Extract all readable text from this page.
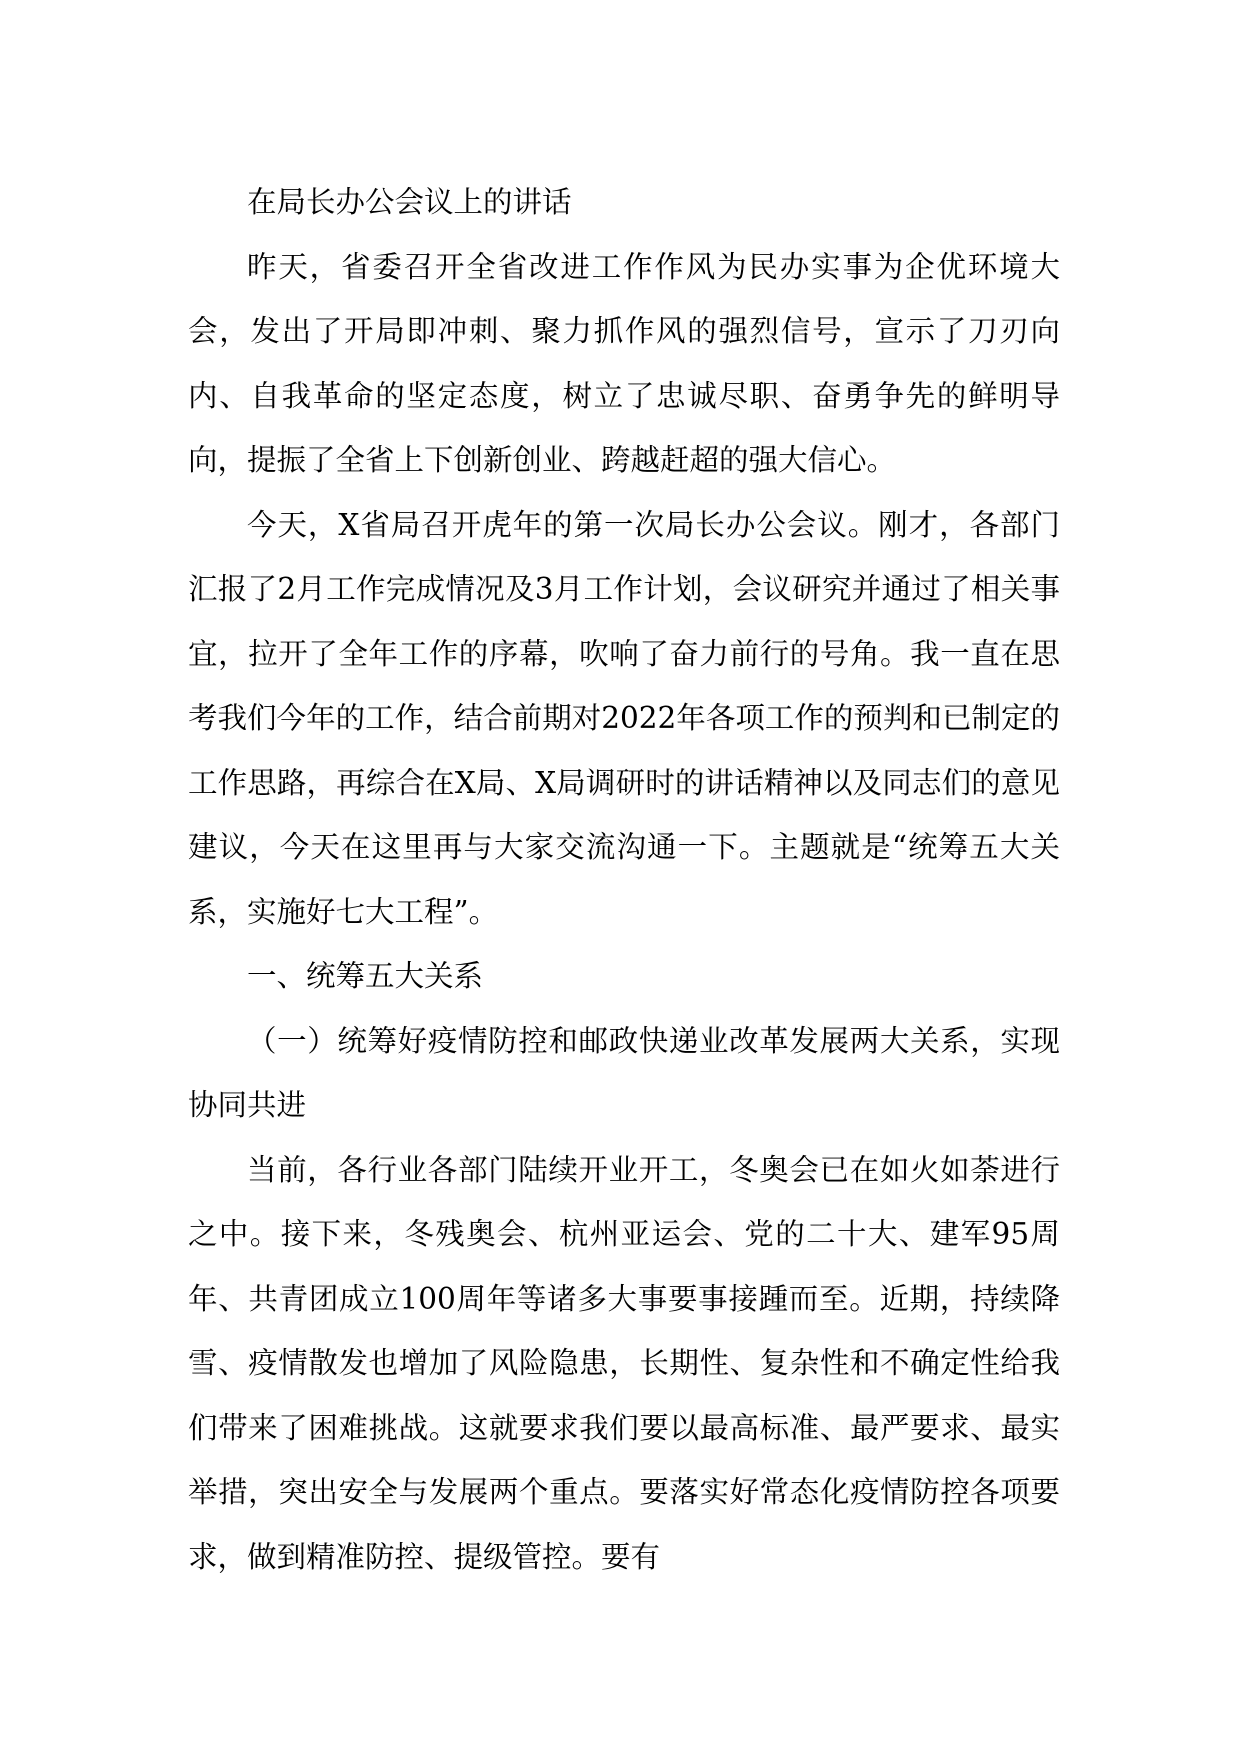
在局长办公会议上的讲话

昨天，省委召开全省改进工作作风为民办实事为企优环境大会，发出了开局即冲刺、聚力抓作风的强烈信号，宣示了刀刃向内、自我革命的坚定态度，树立了忠诚尽职、奋勇争先的鲜明导向，提振了全省上下创新创业、跨越赶超的强大信心。

今天，X省局召开虎年的第一次局长办公会议。刚才，各部门汇报了2月工作完成情况及3月工作计划，会议研究并通过了相关事宜，拉开了全年工作的序幕，吹响了奋力前行的号角。我一直在思考我们今年的工作，结合前期对2022年各项工作的预判和已制定的工作思路，再综合在X局、X局调研时的讲话精神以及同志们的意见建议，今天在这里再与大家交流沟通一下。主题就是“统筹五大关系，实施好七大工程”。

一、统筹五大关系

（一）统筹好疫情防控和邮政快递业改革发展两大关系，实现协同共进

当前，各行业各部门陆续开业开工，冬奥会已在如火如荼进行之中。接下来，冬残奥会、杭州亚运会、党的二十大、建军95周年、共青团成立100周年等诸多大事要事接踵而至。近期，持续降雪、疫情散发也增加了风险隐患，长期性、复杂性和不确定性给我们带来了困难挑战。这就要求我们要以最高标准、最严要求、最实举措，突出安全与发展两个重点。要落实好常态化疫情防控各项要求，做到精准防控、提级管控。要有
